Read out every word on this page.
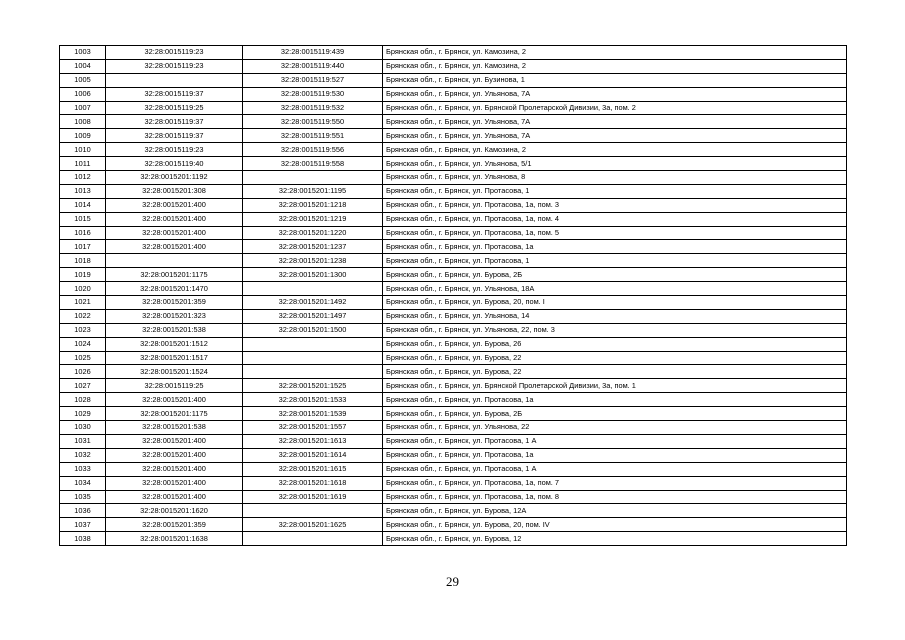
1003	32:28:0015119:23	32:28:0015119:439	Брянская обл., г. Брянск, ул. Камозина, 2
1004	32:28:0015119:23	32:28:0015119:440	Брянская обл., г. Брянск, ул. Камозина, 2
1005		32:28:0015119:527	Брянская обл., г. Брянск, ул. Бузинова, 1
1006	32:28:0015119:37	32:28:0015119:530	Брянская обл., г. Брянск, ул. Ульянова, 7А
1007	32:28:0015119:25	32:28:0015119:532	Брянская обл., г. Брянск, ул. Брянской Пролетарской Дивизии, 3а, пом. 2
1008	32:28:0015119:37	32:28:0015119:550	Брянская обл., г. Брянск, ул. Ульянова, 7А
1009	32:28:0015119:37	32:28:0015119:551	Брянская обл., г. Брянск, ул. Ульянова, 7А
1010	32:28:0015119:23	32:28:0015119:556	Брянская обл., г. Брянск, ул. Камозина, 2
1011	32:28:0015119:40	32:28:0015119:558	Брянская обл., г. Брянск, ул. Ульянова, 5/1
1012	32:28:0015201:1192		Брянская обл., г. Брянск, ул. Ульянова, 8
1013	32:28:0015201:308	32:28:0015201:1195	Брянская обл., г. Брянск, ул. Протасова, 1
1014	32:28:0015201:400	32:28:0015201:1218	Брянская обл., г. Брянск, ул. Протасова, 1а, пом. 3
1015	32:28:0015201:400	32:28:0015201:1219	Брянская обл., г. Брянск, ул. Протасова, 1а, пом. 4
1016	32:28:0015201:400	32:28:0015201:1220	Брянская обл., г. Брянск, ул. Протасова, 1а, пом. 5
1017	32:28:0015201:400	32:28:0015201:1237	Брянская обл., г. Брянск, ул. Протасова, 1а
1018		32:28:0015201:1238	Брянская обл., г. Брянск, ул. Протасова, 1
1019	32:28:0015201:1175	32:28:0015201:1300	Брянская обл., г. Брянск, ул. Бурова, 2Б
1020	32:28:0015201:1470		Брянская обл., г. Брянск, ул. Ульянова, 18А
1021	32:28:0015201:359	32:28:0015201:1492	Брянская обл., г. Брянск, ул. Бурова, 20, пом. I
1022	32:28:0015201:323	32:28:0015201:1497	Брянская обл., г. Брянск, ул. Ульянова, 14
1023	32:28:0015201:538	32:28:0015201:1500	Брянская обл., г. Брянск, ул. Ульянова, 22, пом. 3
1024	32:28:0015201:1512		Брянская обл., г. Брянск, ул. Бурова, 26
1025	32:28:0015201:1517		Брянская обл., г. Брянск, ул. Бурова, 22
1026	32:28:0015201:1524		Брянская обл., г. Брянск, ул. Бурова, 22
1027	32:28:0015119:25	32:28:0015201:1525	Брянская обл., г. Брянск, ул. Брянской Пролетарской Дивизии, 3а, пом. 1
1028	32:28:0015201:400	32:28:0015201:1533	Брянская обл., г. Брянск, ул. Протасова, 1а
1029	32:28:0015201:1175	32:28:0015201:1539	Брянская обл., г. Брянск, ул. Бурова, 2Б
1030	32:28:0015201:538	32:28:0015201:1557	Брянская обл., г. Брянск, ул. Ульянова, 22
1031	32:28:0015201:400	32:28:0015201:1613	Брянская обл., г. Брянск, ул. Протасова, 1 А
1032	32:28:0015201:400	32:28:0015201:1614	Брянская обл., г. Брянск, ул. Протасова, 1а
1033	32:28:0015201:400	32:28:0015201:1615	Брянская обл., г. Брянск, ул. Протасова, 1 А
1034	32:28:0015201:400	32:28:0015201:1618	Брянская обл., г. Брянск, ул. Протасова, 1а, пом. 7
1035	32:28:0015201:400	32:28:0015201:1619	Брянская обл., г. Брянск, ул. Протасова, 1а, пом. 8
1036	32:28:0015201:1620		Брянская обл., г. Брянск, ул. Бурова, 12А
1037	32:28:0015201:359	32:28:0015201:1625	Брянская обл., г. Брянск, ул. Бурова, 20, пом. IV
1038	32:28:0015201:1638		Брянская обл., г. Брянск, ул. Бурова, 12
29
